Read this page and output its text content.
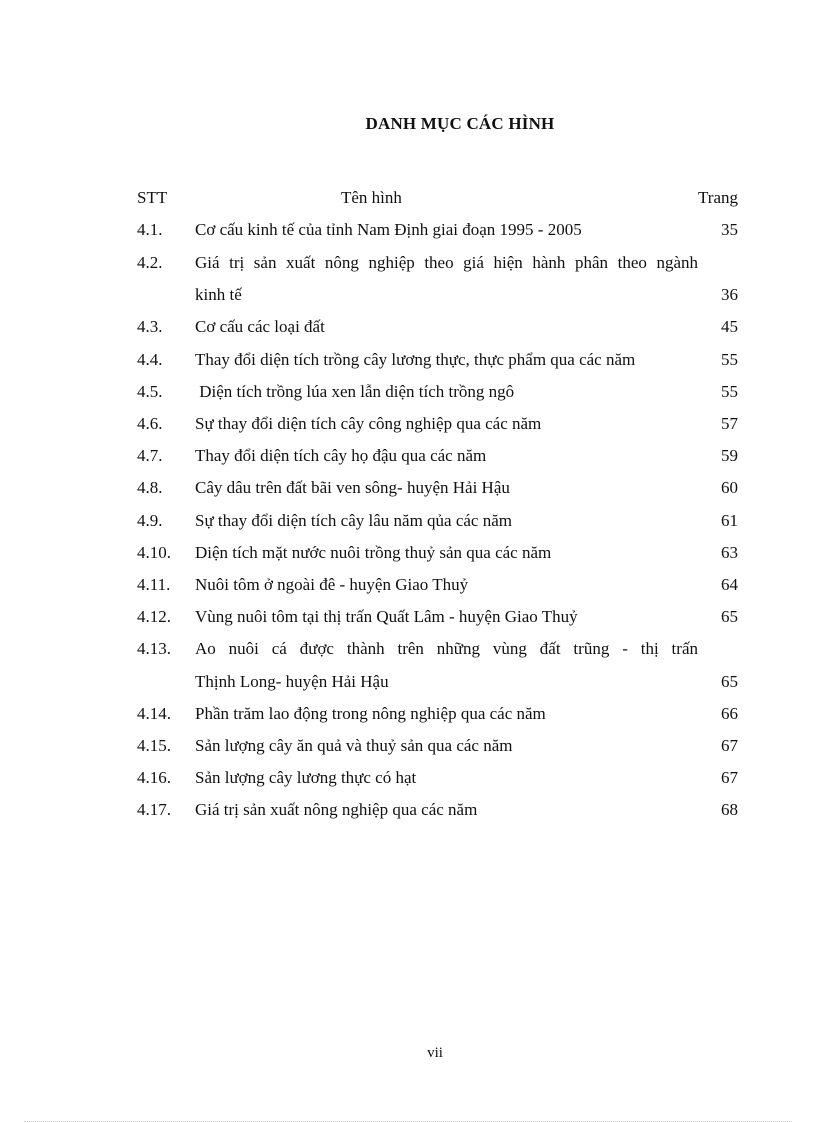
DANH MỤC CÁC HÌNH
STT	Tên hình	Trang
4.1. Cơ cấu kinh tế của tỉnh Nam Định giai đoạn 1995 - 2005	35
4.2. Giá trị sản xuất nông nghiệp theo giá hiện hành phân theo ngành
kinh tế	36
4.3. Cơ cấu các loại đất	45
4.4. Thay đổi diện tích trồng cây lương thực, thực phẩm qua các năm	55
4.5. Diện tích trồng lúa xen lẫn diện tích trồng ngô	55
4.6. Sự thay đổi diện tích cây công nghiệp qua các năm	57
4.7. Thay đổi diện tích cây họ đậu qua các năm	59
4.8. Cây dâu trên đất bãi ven sông- huyện Hải Hậu	60
4.9. Sự thay đổi diện tích cây lâu năm qủa các năm	61
4.10. Diện tích mặt nước nuôi trồng thuỷ sản qua các năm	63
4.11. Nuôi tôm ở ngoài đê - huyện Giao Thuỷ	64
4.12. Vùng nuôi tôm tại thị trấn Quất Lâm - huyện Giao Thuỷ	65
4.13. Ao nuôi cá được thành trên những vùng đất trũng - thị trấn
Thịnh Long- huyện Hải Hậu	65
4.14. Phần trăm lao động trong nông nghiệp qua các năm	66
4.15. Sản lượng cây ăn quả và thuỷ sản qua các năm	67
4.16. Sản lượng cây lương thực có hạt	67
4.17. Giá trị sản xuất nông nghiệp qua các năm	68
vii
